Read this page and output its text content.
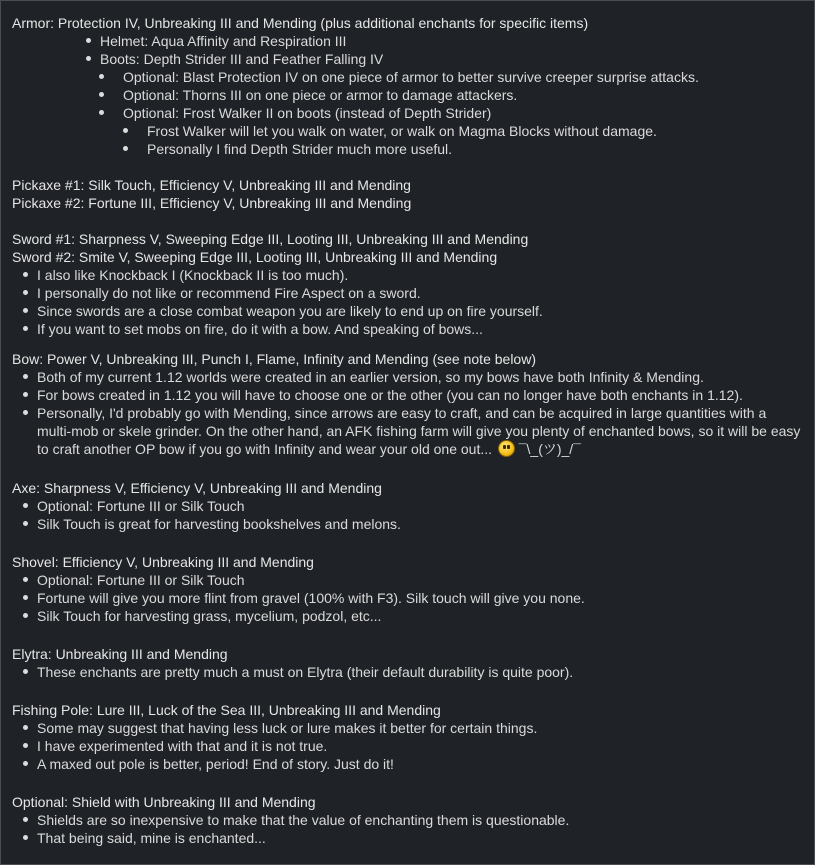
Armor: Protection IV, Unbreaking III and Mending (plus additional enchants for specific items)
Helmet: Aqua Affinity and Respiration III
Boots: Depth Strider III and Feather Falling IV
Optional: Blast Protection IV on one piece of armor to better survive creeper surprise attacks.
Optional: Thorns III on one piece or armor to damage attackers.
Optional: Frost Walker II on boots (instead of Depth Strider)
Frost Walker will let you walk on water, or walk on Magma Blocks without damage.
Personally I find Depth Strider much more useful.
Pickaxe #1: Silk Touch, Efficiency V, Unbreaking III and Mending
Pickaxe #2: Fortune III, Efficiency V, Unbreaking III and Mending
Sword #1: Sharpness V, Sweeping Edge III, Looting III, Unbreaking III and Mending
Sword #2: Smite V, Sweeping Edge III, Looting III, Unbreaking III and Mending
I also like Knockback I (Knockback II is too much).
I personally do not like or recommend Fire Aspect on a sword.
Since swords are a close combat weapon you are likely to end up on fire yourself.
If you want to set mobs on fire, do it with a bow. And speaking of bows...
Bow: Power V, Unbreaking III, Punch I, Flame, Infinity and Mending (see note below)
Both of my current 1.12 worlds were created in an earlier version, so my bows have both Infinity & Mending.
For bows created in 1.12 you will have to choose one or the other (you can no longer have both enchants in 1.12).
Personally, I'd probably go with Mending, since arrows are easy to craft, and can be acquired in large quantities with a multi-mob or skele grinder. On the other hand, an AFK fishing farm will give you plenty of enchanted bows, so it will be easy to craft another OP bow if you go with Infinity and wear your old one out... ¯\_(ツ)_/¯
Axe: Sharpness V, Efficiency V, Unbreaking III and Mending
Optional: Fortune III or Silk Touch
Silk Touch is great for harvesting bookshelves and melons.
Shovel: Efficiency V, Unbreaking III and Mending
Optional: Fortune III or Silk Touch
Fortune will give you more flint from gravel (100% with F3). Silk touch will give you none.
Silk Touch for harvesting grass, mycelium, podzol, etc...
Elytra: Unbreaking III and Mending
These enchants are pretty much a must on Elytra (their default durability is quite poor).
Fishing Pole: Lure III, Luck of the Sea III, Unbreaking III and Mending
Some may suggest that having less luck or lure makes it better for certain things.
I have experimented with that and it is not true.
A maxed out pole is better, period! End of story. Just do it!
Optional: Shield with Unbreaking III and Mending
Shields are so inexpensive to make that the value of enchanting them is questionable.
That being said, mine is enchanted...
